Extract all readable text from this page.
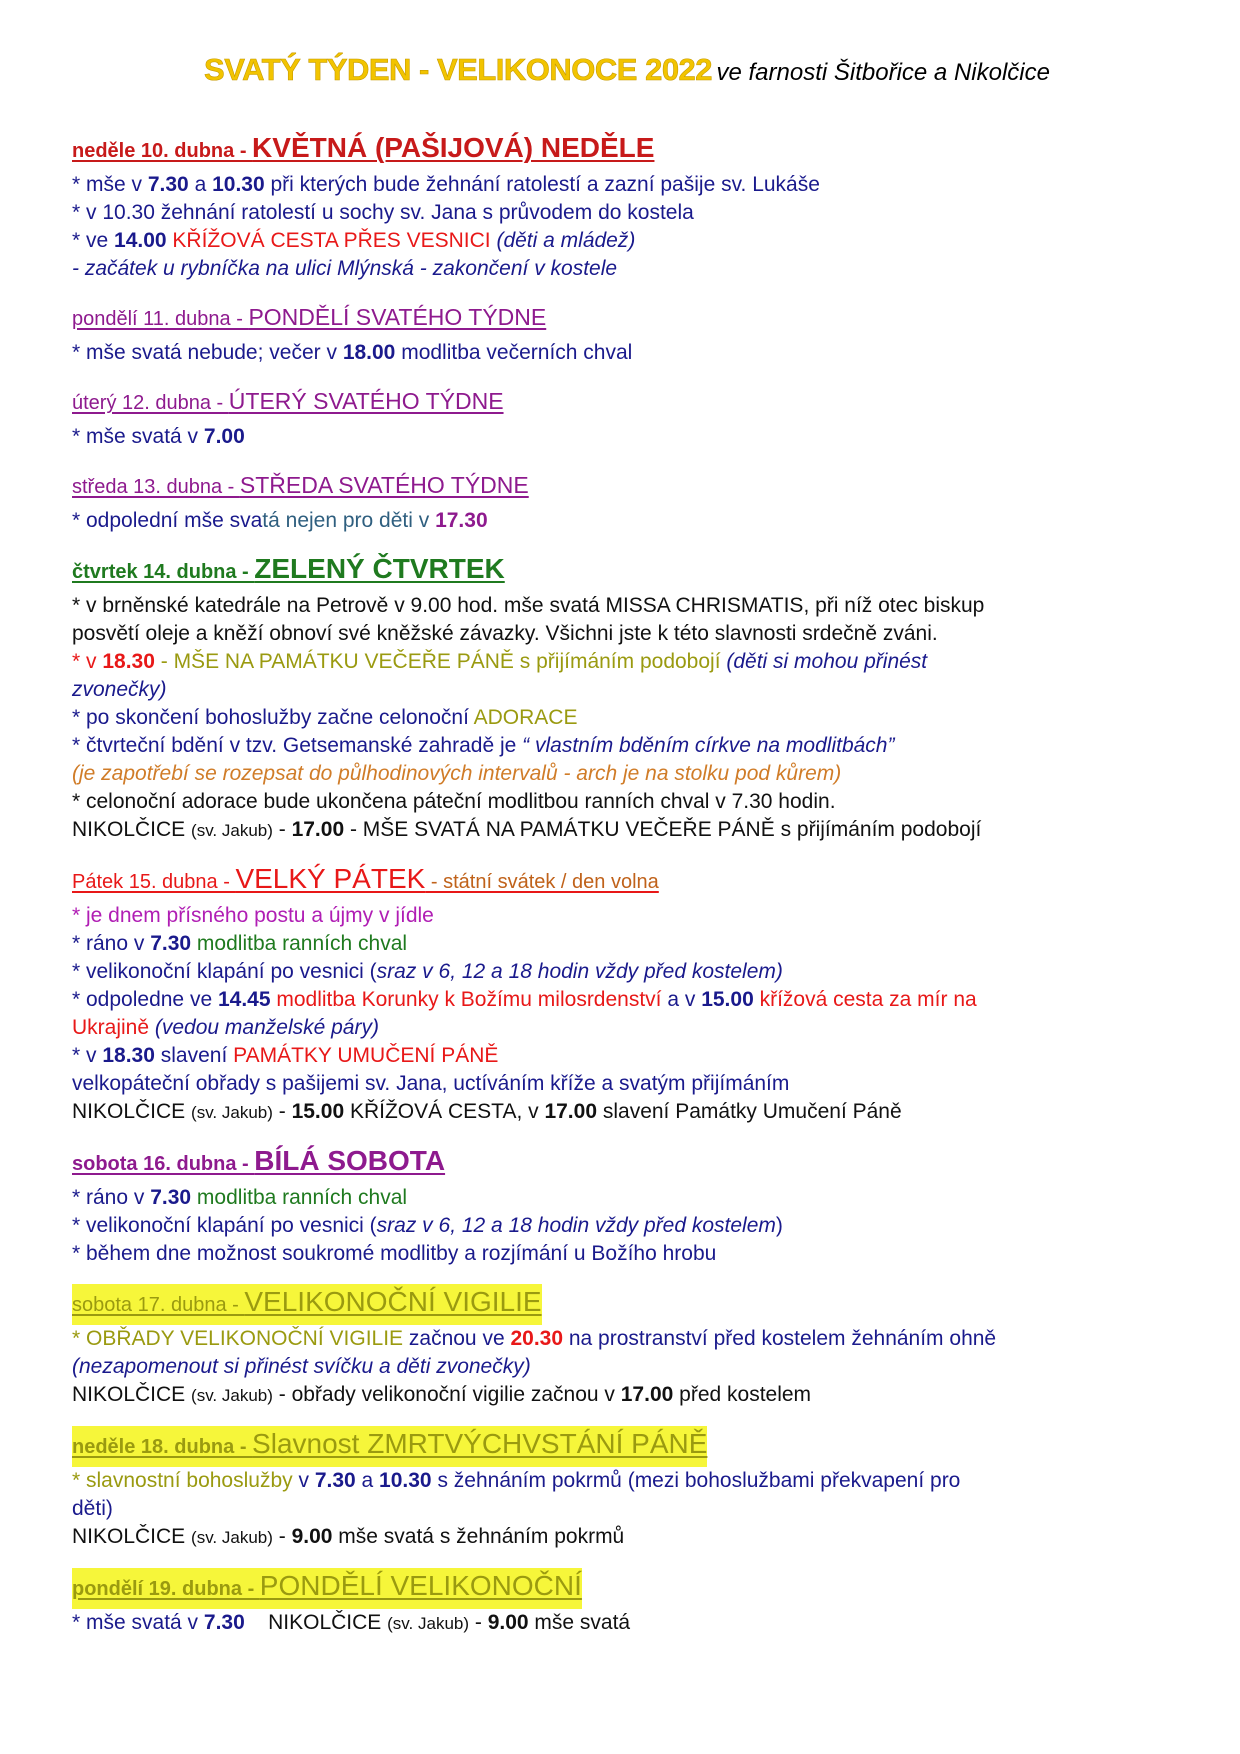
SVATÝ TÝDEN - VELIKONOCE 2022 ve farnosti Šitbořice a Nikolčice
neděle 10. dubna - KVĚTNÁ (PAŠIJOVÁ) NEDĚLE
* mše v 7.30 a 10.30 při kterých bude žehnání ratolestí a zazní pašije sv. Lukáše
* v 10.30 žehnání ratolestí u sochy sv. Jana s průvodem do kostela
* ve 14.00 KŘÍŽOVÁ CESTA PŘES VESNICI (děti a mládež)
- začátek u rybníčka na ulici Mlýnská - zakončení v kostele
pondělí 11. dubna - PONDĚLÍ SVATÉHO TÝDNE
* mše svatá nebude; večer v 18.00 modlitba večerních chval
úterý 12. dubna - ÚTERÝ SVATÉHO TÝDNE
* mše svatá v 7.00
středa 13. dubna - STŘEDA SVATÉHO TÝDNE
* odpolední mše svatá nejen pro děti v 17.30
čtvrtek 14. dubna - ZELENÝ ČTVRTEK
* v brněnské katedrále na Petrově v 9.00 hod. mše svatá MISSA CHRISMATIS, při níž otec biskup
posvětí oleje a kněží obnoví své kněžské závazky. Všichni jste k této slavnosti srdečně zváni.
* v 18.30 - MŠE NA PAMÁTKU VEČEŘE PÁNĚ s přijímáním podobojí (děti si mohou přinést
zvonečky)
* po skončení bohoslužby začne celonoční ADORACE
* čtvrteční bdění v tzv. Getsemanské zahradě je “ vlastním bděním církve na modlitbách”
(je zapotřebí se rozepsat do půlhodinových intervalů - arch je na stolku pod kůrem)
* celonoční adorace bude ukončena páteční modlitbou ranních chval v 7.30 hodin.
NIKOLČICE (sv. Jakub) - 17.00 - MŠE SVATÁ NA PAMÁTKU VEČEŘE PÁNĚ s přijímáním podobojí
Pátek 15. dubna - VELKÝ PÁTEK - státní svátek / den volna
* je dnem přísného postu a újmy v jídle
* ráno v 7.30 modlitba ranních chval
* velikonoční klapání po vesnici (sraz v 6, 12 a 18 hodin vždy před kostelem)
* odpoledne ve 14.45 modlitba Korunky k Božímu milosrdenství a v 15.00 křížová cesta za mír na
Ukrajině (vedou manželské páry)
* v 18.30 slavení PAMÁTKY UMUČENÍ PÁNĚ
velkopáteční obřady s pašijemi sv. Jana, uctíváním kříže a svatým přijímáním
NIKOLČICE (sv. Jakub) - 15.00 KŘÍŽOVÁ CESTA, v 17.00 slavení Památky Umučení Páně
sobota 16. dubna - BÍLÁ SOBOTA
* ráno v 7.30 modlitba ranních chval
* velikonoční klapání po vesnici (sraz v 6, 12 a 18 hodin vždy před kostelem)
* během dne možnost soukromé modlitby a rozjímání u Božího hrobu
sobota 17. dubna - VELIKONOČNÍ VIGILIE
* OBŘADY VELIKONOČNÍ VIGILIE začnou ve 20.30 na prostranství před kostelem žehnáním ohně
(nezapomenout si přinést svíčku a děti zvonečky)
NIKOLČICE (sv. Jakub) - obřady velikonoční vigilie začnou v 17.00 před kostelem
neděle 18. dubna - Slavnost ZMRTVÝCHVSTÁNÍ PÁNĚ
* slavnostní bohoslužby v 7.30 a 10.30 s žehnáním pokrmů (mezi bohoslužbami překvapení pro
děti)
NIKOLČICE (sv. Jakub) - 9.00 mše svatá s žehnáním pokrmů
pondělí 19. dubna - PONDĚLÍ VELIKONOČNÍ
* mše svatá v 7.30    NIKOLČICE (sv. Jakub) - 9.00 mše svatá
